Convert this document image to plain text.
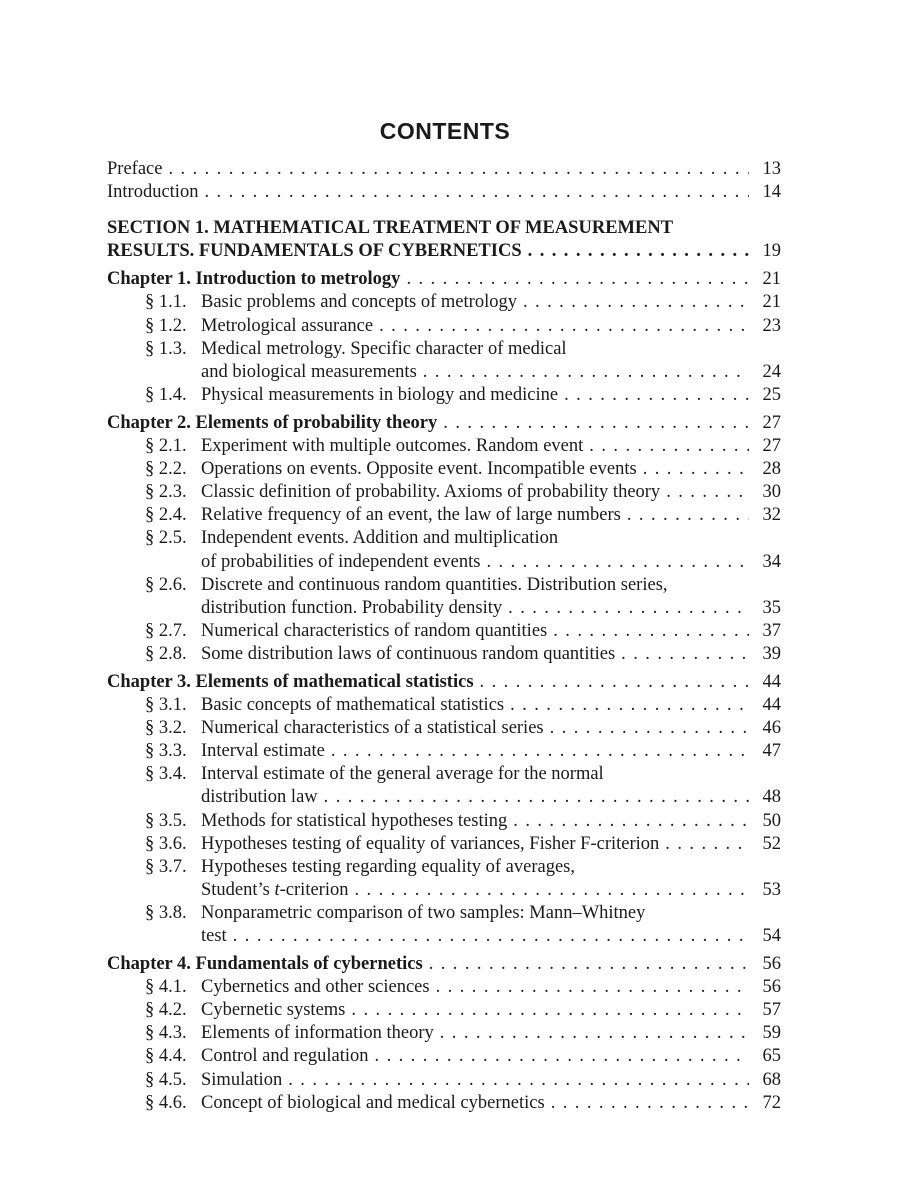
CONTENTS
Preface . . .	13
Introduction . . .	14
SECTION 1. MATHEMATICAL TREATMENT OF MEASUREMENT
RESULTS. FUNDAMENTALS OF CYBERNETICS . . .	19
Chapter 1. Introduction to metrology . . .	21
§ 1.1. Basic problems and concepts of metrology . . .	21
§ 1.2. Metrological assurance . . .	23
§ 1.3. Medical metrology. Specific character of medical
and biological measurements . . .	24
§ 1.4. Physical measurements in biology and medicine . . .	25
Chapter 2. Elements of probability theory . . .	27
§ 2.1. Experiment with multiple outcomes. Random event . . .	27
§ 2.2. Operations on events. Opposite event. Incompatible events . . .	28
§ 2.3. Classic definition of probability. Axioms of probability theory . . .	30
§ 2.4. Relative frequency of an event, the law of large numbers . . .	32
§ 2.5. Independent events. Addition and multiplication
of probabilities of independent events . . .	34
§ 2.6. Discrete and continuous random quantities. Distribution series,
distribution function. Probability density . . .	35
§ 2.7. Numerical characteristics of random quantities . . .	37
§ 2.8. Some distribution laws of continuous random quantities . . .	39
Chapter 3. Elements of mathematical statistics . . .	44
§ 3.1. Basic concepts of mathematical statistics . . .	44
§ 3.2. Numerical characteristics of a statistical series . . .	46
§ 3.3. Interval estimate . . .	47
§ 3.4. Interval estimate of the general average for the normal
distribution law . . .	48
§ 3.5. Methods for statistical hypotheses testing . . .	50
§ 3.6. Hypotheses testing of equality of variances, Fisher F-criterion . . .	52
§ 3.7. Hypotheses testing regarding equality of averages,
Student’s t-criterion . . .	53
§ 3.8. Nonparametric comparison of two samples: Mann–Whitney
test . . .	54
Chapter 4. Fundamentals of cybernetics . . .	56
§ 4.1. Cybernetics and other sciences . . .	56
§ 4.2. Cybernetic systems . . .	57
§ 4.3. Elements of information theory . . .	59
§ 4.4. Control and regulation . . .	65
§ 4.5. Simulation . . .	68
§ 4.6. Concept of biological and medical cybernetics . . .	72
